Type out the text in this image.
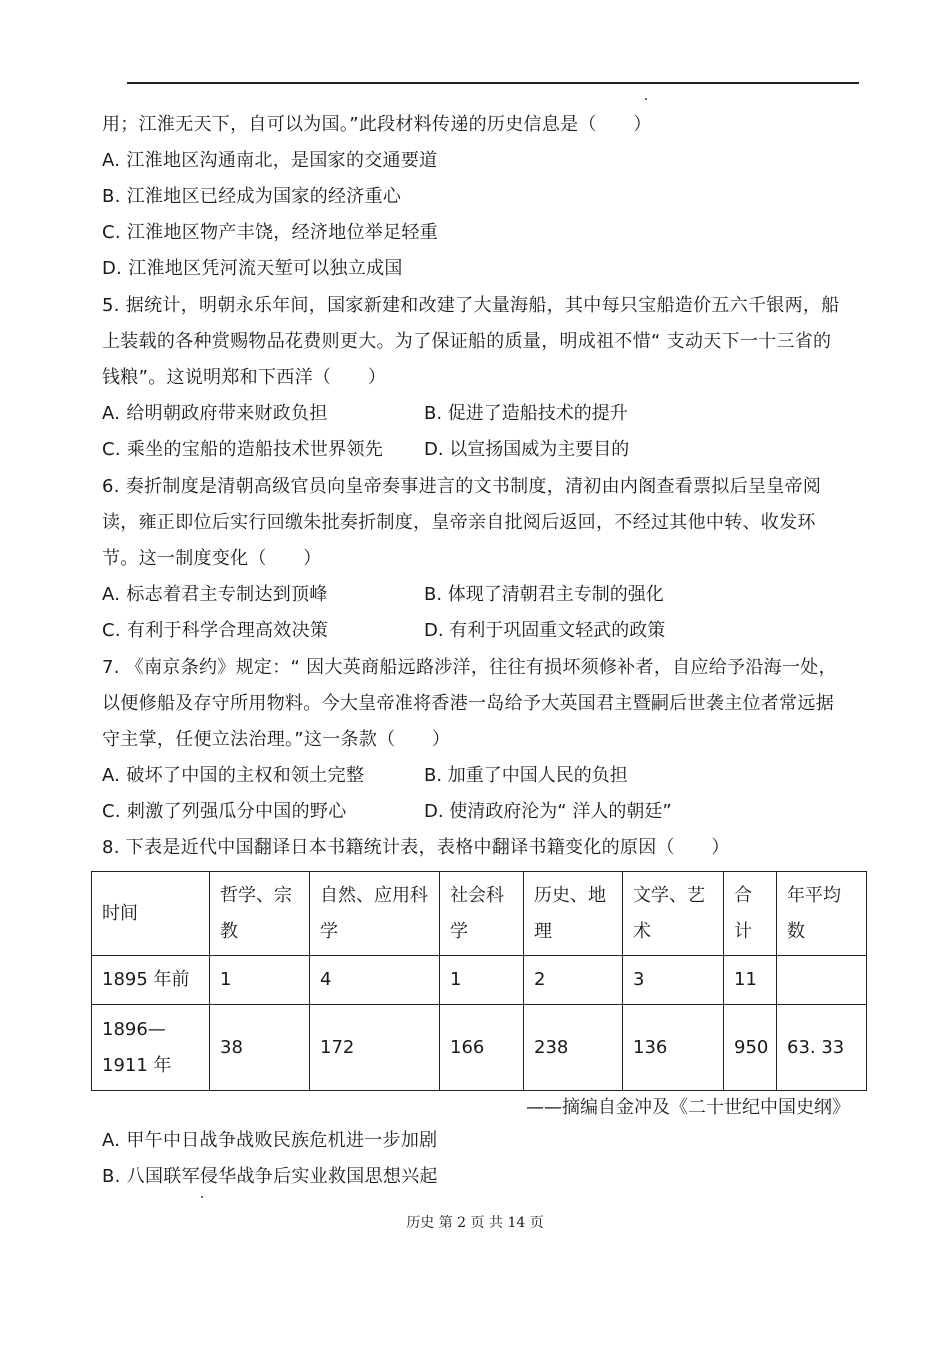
用；江淮无天下，自可以为国。”此段材料传递的历史信息是（　　）
A. 江淮地区沟通南北，是国家的交通要道
B. 江淮地区已经成为国家的经济重心
C. 江淮地区物产丰饶，经济地位举足轻重
D. 江淮地区凭河流天堑可以独立成国
5. 据统计，明朝永乐年间，国家新建和改建了大量海船，其中每只宝船造价五六千银两，船
上装载的各种赏赐物品花费则更大。为了保证船的质量，明成祖不惜“ 支动天下一十三省的
钱粮”。这说明郑和下西洋（　　）
A. 给明朝政府带来财政负担	B. 促进了造船技术的提升
C. 乘坐的宝船的造船技术世界领先 D. 以宣扬国威为主要目的
6. 奏折制度是清朝高级官员向皇帝奏事进言的文书制度，清初由内阁查看票拟后呈皇帝阅
读，雍正即位后实行回缴朱批奏折制度，皇帝亲自批阅后返回，不经过其他中转、收发环
节。这一制度变化（　　）
A. 标志着君主专制达到顶峰	B. 体现了清朝君主专制的强化
C. 有利于科学合理高效决策	D. 有利于巩固重文轻武的政策
7. 《南京条约》规定：“ 因大英商船远路涉洋，往往有损坏须修补者，自应给予沿海一处，
以便修船及存守所用物料。今大皇帝准将香港一岛给予大英国君主暨嗣后世袭主位者常远据
守主掌，任便立法治理。”这一条款（　　）
A. 破坏了中国的主权和领土完整	B. 加重了中国人民的负担
C. 刺激了列强瓜分中国的野心	D. 使清政府沦为“ 洋人的朝廷”
8. 下表是近代中国翻译日本书籍统计表，表格中翻译书籍变化的原因（　　）
时间	哲学、宗教	自然、应用科学	社会科学	历史、地理	文学、艺术	合计	年平均数
1895 年前	1	4	1	2	3	11	
1896—1911 年	38	172	166	238	136	950	63. 33
——摘编自金冲及《二十世纪中国史纲》
A. 甲午中日战争战败民族危机进一步加剧
B. 八国联军侵华战争后实业救国思想兴起
历史 第 2 页 共 14 页
